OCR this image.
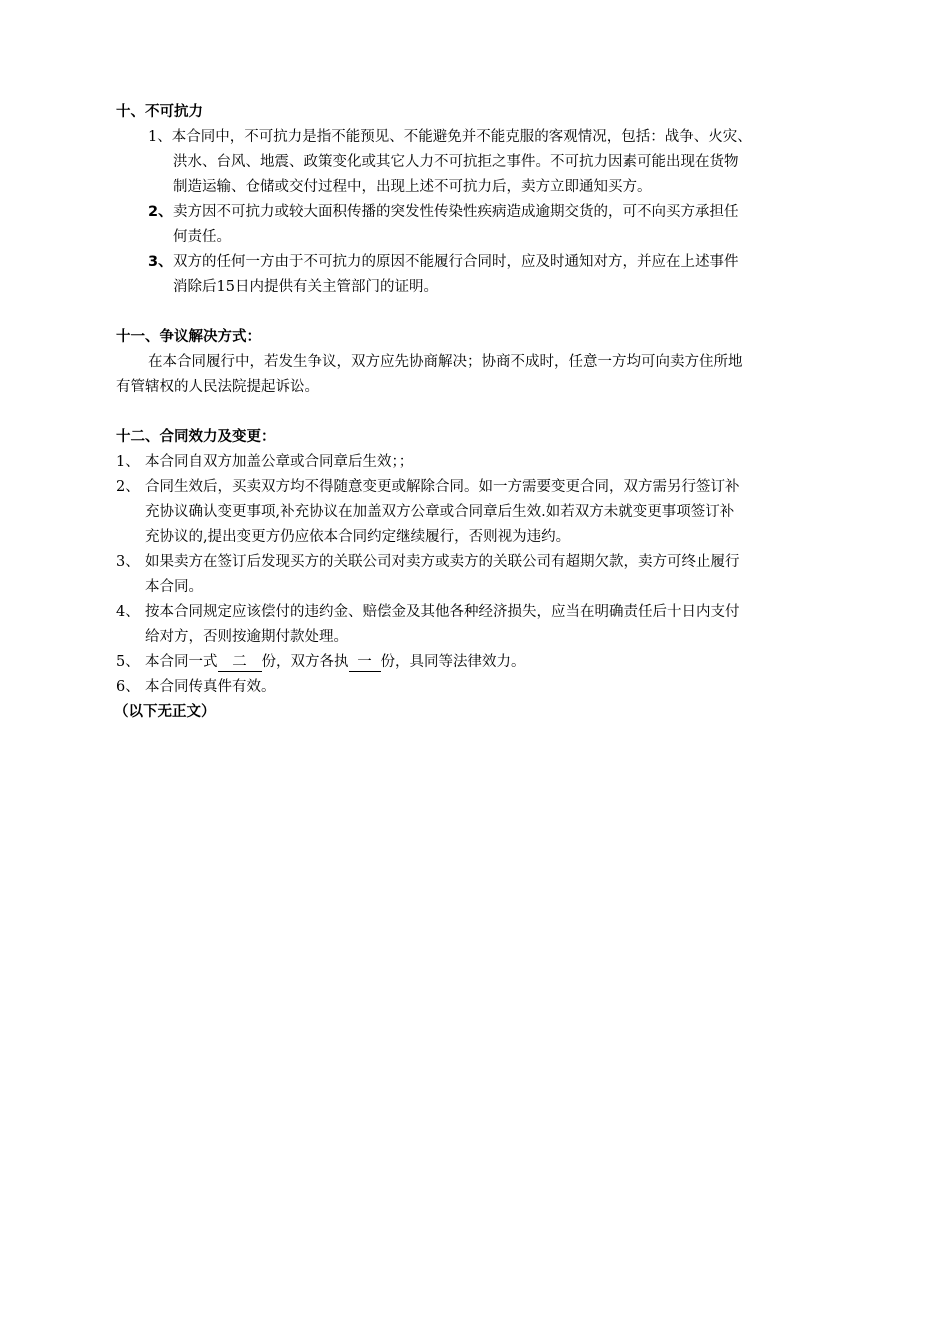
十、不可抗力
1、本合同中，不可抗力是指不能预见、不能避免并不能克服的客观情况，包括：战争、火灾、
洪水、台风、地震、政策变化或其它人力不可抗拒之事件。不可抗力因素可能出现在货物
制造运输、仓储或交付过程中，出现上述不可抗力后，卖方立即通知买方。
2、 卖方因不可抗力或较大面积传播的突发性传染性疾病造成逾期交货的，可不向买方承担任
何责任。
3、 双方的任何一方由于不可抗力的原因不能履行合同时，应及时通知对方，并应在上述事件
消除后15日内提供有关主管部门的证明。
十一、争议解决方式：
在本合同履行中，若发生争议，双方应先协商解决；协商不成时，任意一方均可向卖方住所地
有管辖权的人民法院提起诉讼。
十二、合同效力及变更：
1、 本合同自双方加盖公章或合同章后生效；；
2、 合同生效后，买卖双方均不得随意变更或解除合同。如一方需要变更合同，双方需另行签订补
充协议确认变更事项,补充协议在加盖双方公章或合同章后生效.如若双方未就变更事项签订补
充协议的,提出变更方仍应依本合同约定继续履行，否则视为违约。
3、 如果卖方在签订后发现买方的关联公司对卖方或卖方的关联公司有超期欠款，卖方可终止履行
本合同。
4、 按本合同规定应该偿付的违约金、赔偿金及其他各种经济损失，应当在明确责任后十日内支付
给对方，否则按逾期付款处理。
5、 本合同一式 二 份，双方各执 一 份，具同等法律效力。
6、 本合同传真件有效。
（以下无正文）
